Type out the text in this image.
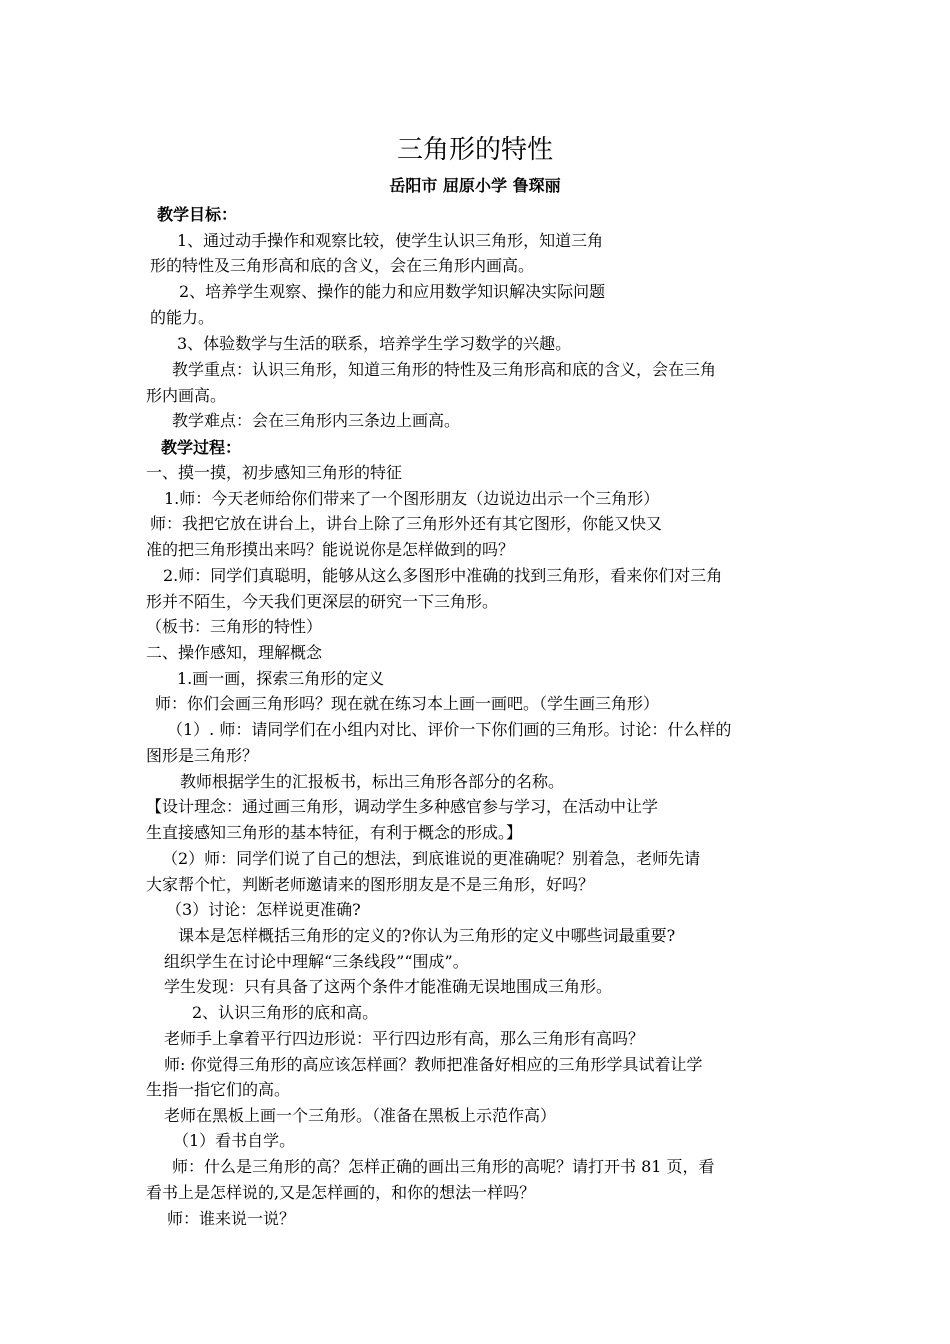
三角形的特性
岳阳市 屈原小学 鲁琛丽
教学目标：
1、通过动手操作和观察比较，使学生认识三角形，知道三角
形的特性及三角形高和底的含义，会在三角形内画高。
2、培养学生观察、操作的能力和应用数学知识解决实际问题
的能力。
3、体验数学与生活的联系，培养学生学习数学的兴趣。
教学重点：认识三角形，知道三角形的特性及三角形高和底的含义，会在三角
形内画高。
教学难点：会在三角形内三条边上画高。
教学过程：
一、摸一摸，初步感知三角形的特征
1.师：今天老师给你们带来了一个图形朋友（边说边出示一个三角形）
师：我把它放在讲台上，讲台上除了三角形外还有其它图形，你能又快又
准的把三角形摸出来吗？能说说你是怎样做到的吗？
2.师：同学们真聪明，能够从这么多图形中准确的找到三角形，看来你们对三角
形并不陌生，今天我们更深层的研究一下三角形。
（板书：三角形的特性）
二、操作感知，理解概念
1.画一画，探索三角形的定义
师：你们会画三角形吗？现在就在练习本上画一画吧。（学生画三角形）
（1）. 师：请同学们在小组内对比、评价一下你们画的三角形。讨论：什么样的
图形是三角形？
教师根据学生的汇报板书，标出三角形各部分的名称。
【设计理念：通过画三角形，调动学生多种感官参与学习，在活动中让学
生直接感知三角形的基本特征，有利于概念的形成。】
（2）师：同学们说了自己的想法，到底谁说的更准确呢？别着急，老师先请
大家帮个忙，判断老师邀请来的图形朋友是不是三角形，好吗？
（3）讨论：怎样说更准确?
课本是怎样概括三角形的定义的?你认为三角形的定义中哪些词最重要?
组织学生在讨论中理解“三条线段”“围成”。
学生发现：只有具备了这两个条件才能准确无误地围成三角形。
2、认识三角形的底和高。
老师手上拿着平行四边形说：平行四边形有高，那么三角形有高吗？
师: 你觉得三角形的高应该怎样画？教师把准备好相应的三角形学具试着让学
生指一指它们的高。
老师在黑板上画一个三角形。（准备在黑板上示范作高）
（1）看书自学。
师：什么是三角形的高？怎样正确的画出三角形的高呢？请打开书 81 页，看
看书上是怎样说的,又是怎样画的，和你的想法一样吗？
师：谁来说一说？
